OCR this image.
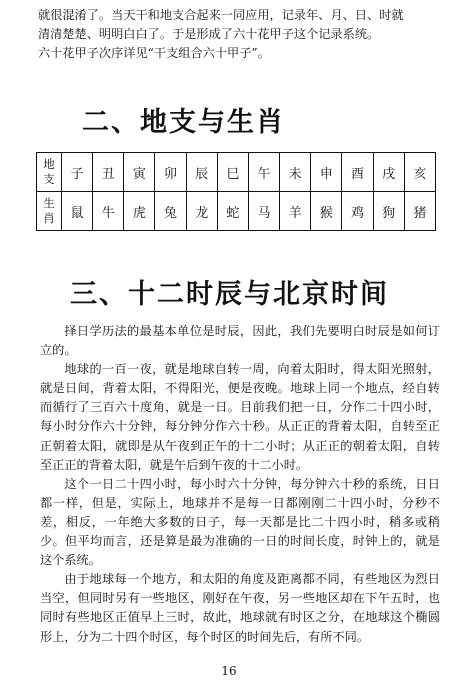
就很混淆了。当天干和地支合起来一同应用，记录年、月、日、时就

清清楚楚、明明白白了。于是形成了六十花甲子这个记录系统。

六十花甲子次序详见“干支组合六十甲子”。

二、地支与生肖
地
支	子	丑	寅	卯	辰	巳	午	未	申	酉	戌	亥

生
肖	鼠	牛	虎	兔	龙	蛇	马	羊	猴	鸡	狗	猪
三、十二时辰与北京时间

择日学历法的最基本单位是时辰，因此，我们先要明白时辰是如何订立的。

地球的一百一夜，就是地球自转一周，向着太阳时，得太阳光照射，就是日间，背着太阳，不得阳光，便是夜晚。地球上同一个地点，经自转而循行了三百六十度角，就是一日。目前我们把一日，分作二十四小时，每小时分作六十分钟，每分钟分作六十秒。从正正的背着太阳，自转至正正朝着太阳，就即是从午夜到正午的十二小时；从正正的朝着太阳，自转至正正的背着太阳，就是午后到午夜的十二小时。

这个一日二十四小时，每小时六十分钟，每分钟六十秒的系统，日日都一样，但是，实际上，地球并不是每一日都刚刚二十四小时，分秒不差，相反，一年绝大多数的日子，每一天都是比二十四小时，稍多或稍少。但平均而言，还是算是最为准确的一日的时间长度，时钟上的，就是这个系统。

由于地球每一个地方，和太阳的角度及距离都不同，有些地区为烈日当空，但同时另有一些地区，刚好在午夜，另一些地区却在下午五时，也同时有些地区正值早上三时，故此，地球就有时区之分，在地球这个椭圆形上，分为二十四个时区，每个时区的时间先后，有所不同。

16
